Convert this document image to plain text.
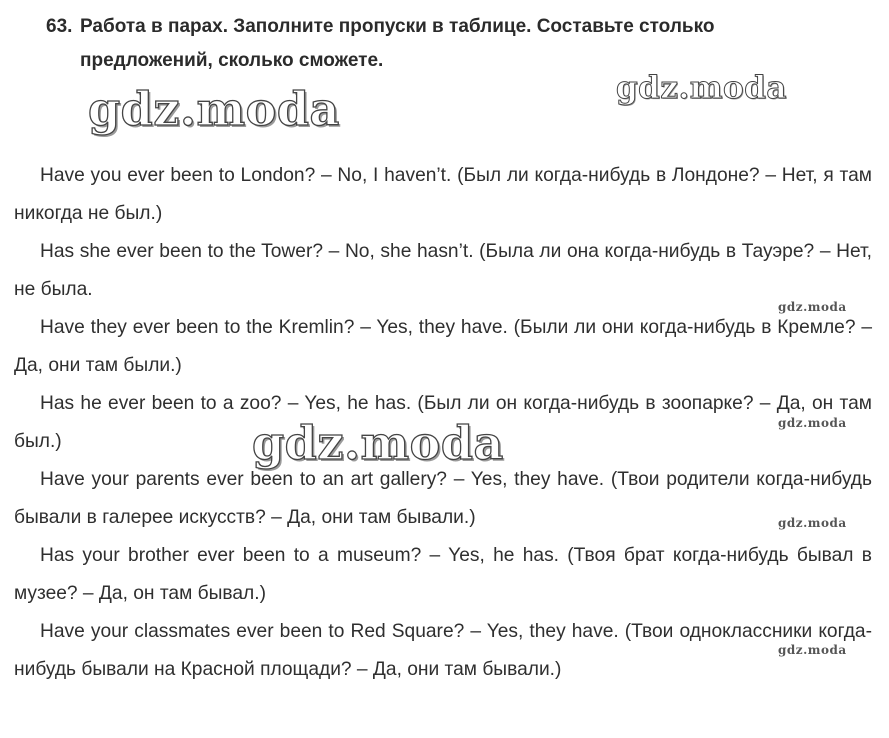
63. Работа в парах. Заполните пропуски в таблице. Составьте столько
предложений, сколько сможете.
gdz.moda	gdz.moda
gdz.moda
gdz.moda
gdz.moda
gdz.moda
gdz.moda

Have you ever been to London? – No, I haven’t. (Был ли когда-нибудь в Лондоне? – Нет, я там никогда не был.)

Has she ever been to the Tower? – No, she hasn’t. (Была ли она когда-нибудь в Тауэре? – Нет, не была.

Have they ever been to the Kremlin? – Yes, they have. (Были ли они когда-нибудь в Кремле? – Да, они там были.)

Has he ever been to a zoo? – Yes, he has. (Был ли он когда-нибудь в зоопарке? – Да, он там был.)

Have your parents ever been to an art gallery? – Yes, they have. (Твои родители когда-нибудь бывали в галерее искусств? – Да, они там бывали.)

Has your brother ever been to a museum? – Yes, he has. (Твоя брат когда-нибудь бывал в музее? – Да, он там бывал.)

Have your classmates ever been to Red Square? – Yes, they have. (Твои одноклассники когда-нибудь бывали на Красной площади? – Да, они там бывали.)
